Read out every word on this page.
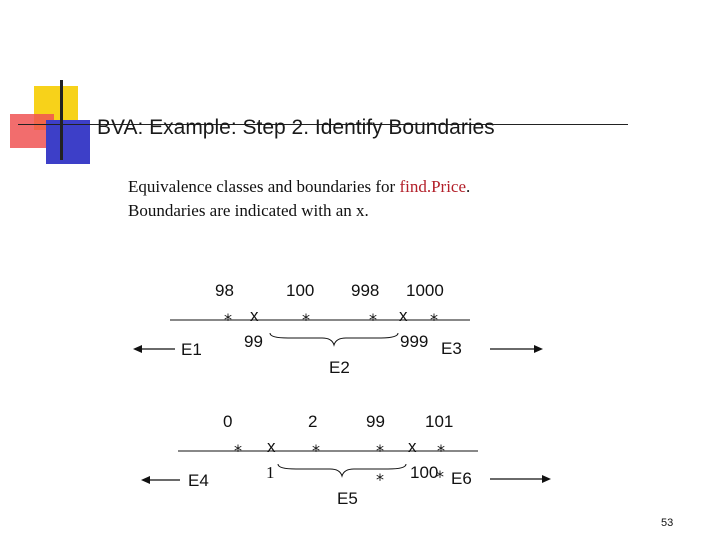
BVA: Example: Step 2. Identify Boundaries
Equivalence classes and boundaries for find.Price.
Boundaries are indicated with an x.
98	100 998 1000
* x	*	* x *
99	999
E1
E2
E3
0	2	99 101
* x *	* x *
*	*
1	100
E4
E5
E6
53
